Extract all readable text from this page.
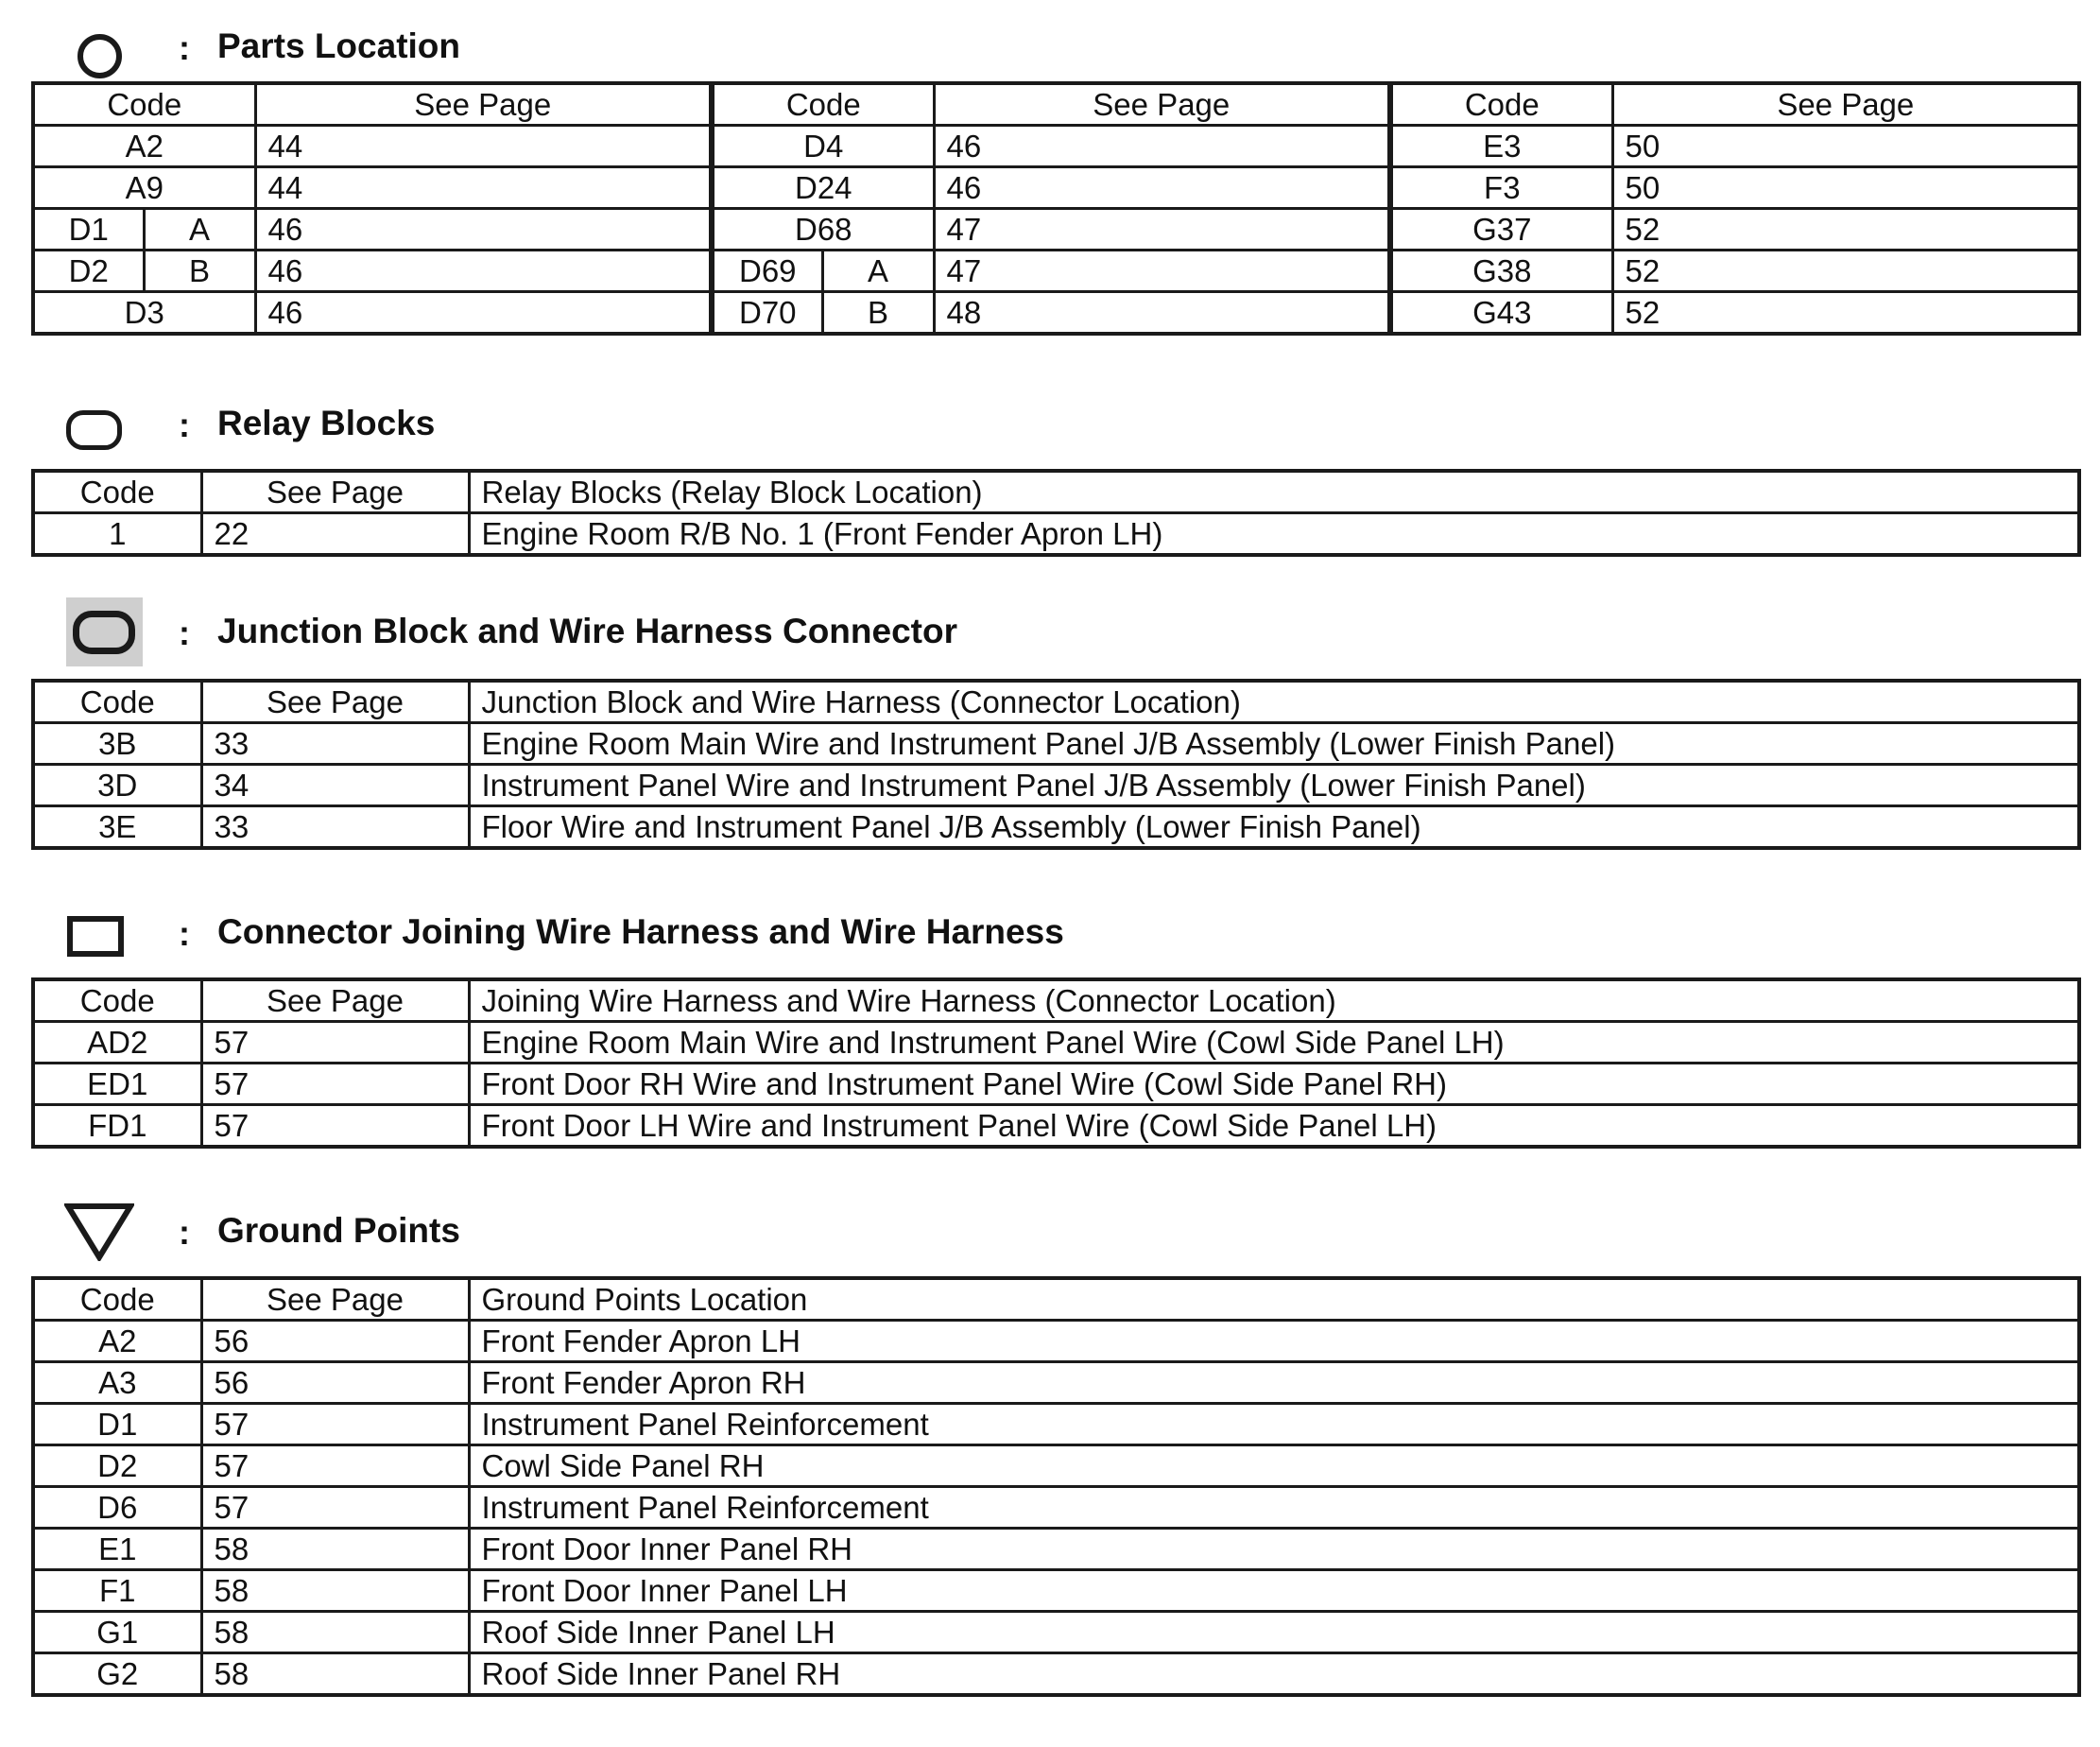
: Parts Location
Code		See Page	Code		See Page	Code	See Page
A2		44	D4		46	E3	50
A9		44	D24		46	F3	50
D1	A	46	D68		47	G37	52
D2	B	46	D69	A	47	G38	52
D3		46	D70	B	48	G43	52
: Relay Blocks
Code	See Page	Relay Blocks (Relay Block Location)
1	22	Engine Room R/B No. 1 (Front Fender Apron LH)
: Junction Block and Wire Harness Connector
Code	See Page	Junction Block and Wire Harness (Connector Location)
3B	33	Engine Room Main Wire and Instrument Panel J/B Assembly (Lower Finish Panel)
3D	34	Instrument Panel Wire and Instrument Panel J/B Assembly (Lower Finish Panel)
3E	33	Floor Wire and Instrument Panel J/B Assembly (Lower Finish Panel)
: Connector Joining Wire Harness and Wire Harness
Code	See Page	Joining Wire Harness and Wire Harness (Connector Location)
AD2	57	Engine Room Main Wire and Instrument Panel Wire (Cowl Side Panel LH)
ED1	57	Front Door RH Wire and Instrument Panel Wire (Cowl Side Panel RH)
FD1	57	Front Door LH Wire and Instrument Panel Wire (Cowl Side Panel LH)
: Ground Points
Code	See Page	Ground Points Location
A2	56	Front Fender Apron LH
A3	56	Front Fender Apron RH
D1	57	Instrument Panel Reinforcement
D2	57	Cowl Side Panel RH
D6	57	Instrument Panel Reinforcement
E1	58	Front Door Inner Panel RH
F1	58	Front Door Inner Panel LH
G1	58	Roof Side Inner Panel LH
G2	58	Roof Side Inner Panel RH
